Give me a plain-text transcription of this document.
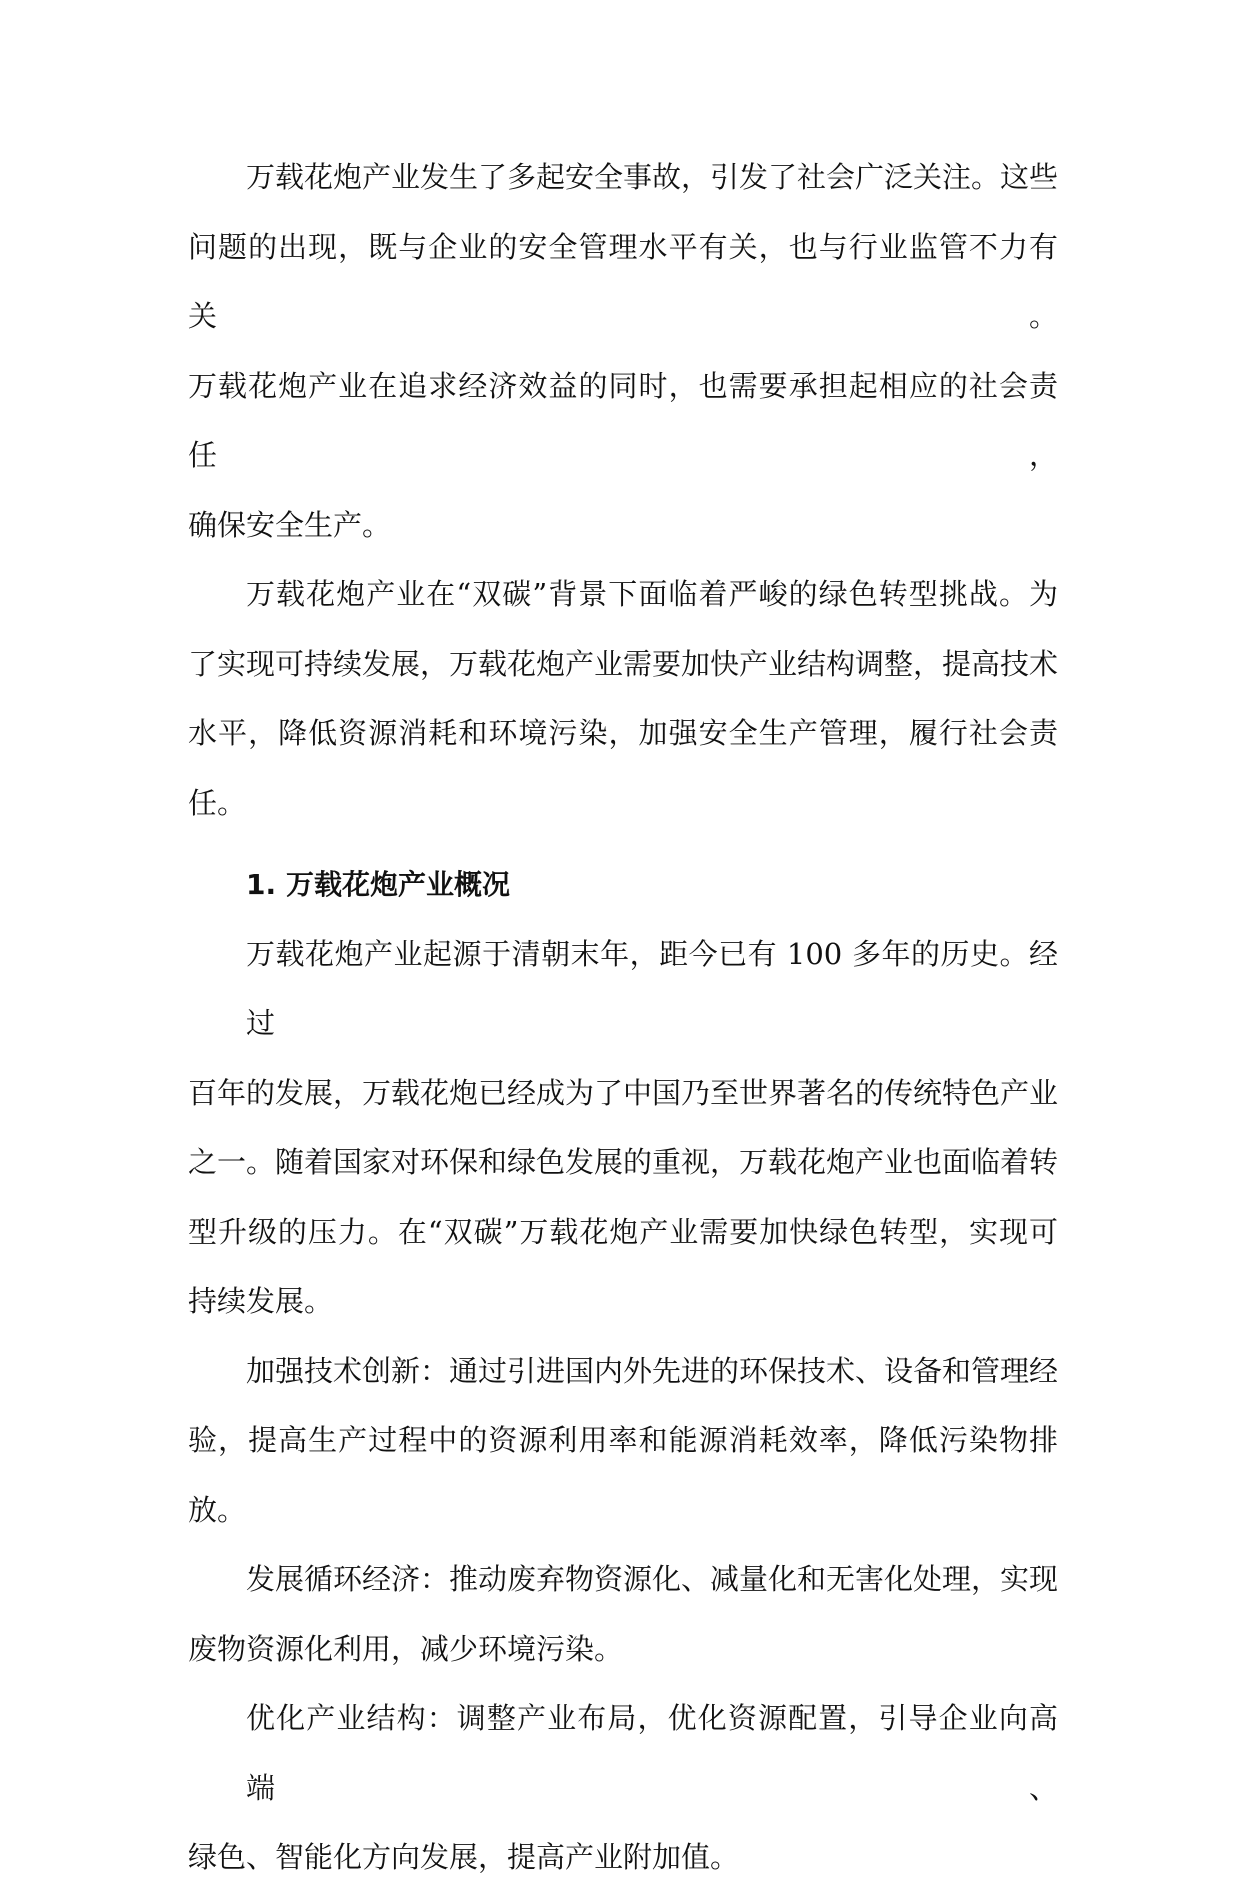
万载花炮产业发生了多起安全事故，引发了社会广泛关注。这些
问题的出现，既与企业的安全管理水平有关，也与行业监管不力有关。
万载花炮产业在追求经济效益的同时，也需要承担起相应的社会责任，
确保安全生产。
万载花炮产业在“双碳”背景下面临着严峻的绿色转型挑战。为
了实现可持续发展，万载花炮产业需要加快产业结构调整，提高技术
水平，降低资源消耗和环境污染，加强安全生产管理，履行社会责任。
1. 万载花炮产业概况
万载花炮产业起源于清朝末年，距今已有 100 多年的历史。经过
百年的发展，万载花炮已经成为了中国乃至世界著名的传统特色产业
之一。随着国家对环保和绿色发展的重视，万载花炮产业也面临着转
型升级的压力。在“双碳”万载花炮产业需要加快绿色转型，实现可
持续发展。
加强技术创新：通过引进国内外先进的环保技术、设备和管理经
验，提高生产过程中的资源利用率和能源消耗效率，降低污染物排放。
发展循环经济：推动废弃物资源化、减量化和无害化处理，实现
废物资源化利用，减少环境污染。
优化产业结构：调整产业布局，优化资源配置，引导企业向高端、
绿色、智能化方向发展，提高产业附加值。
